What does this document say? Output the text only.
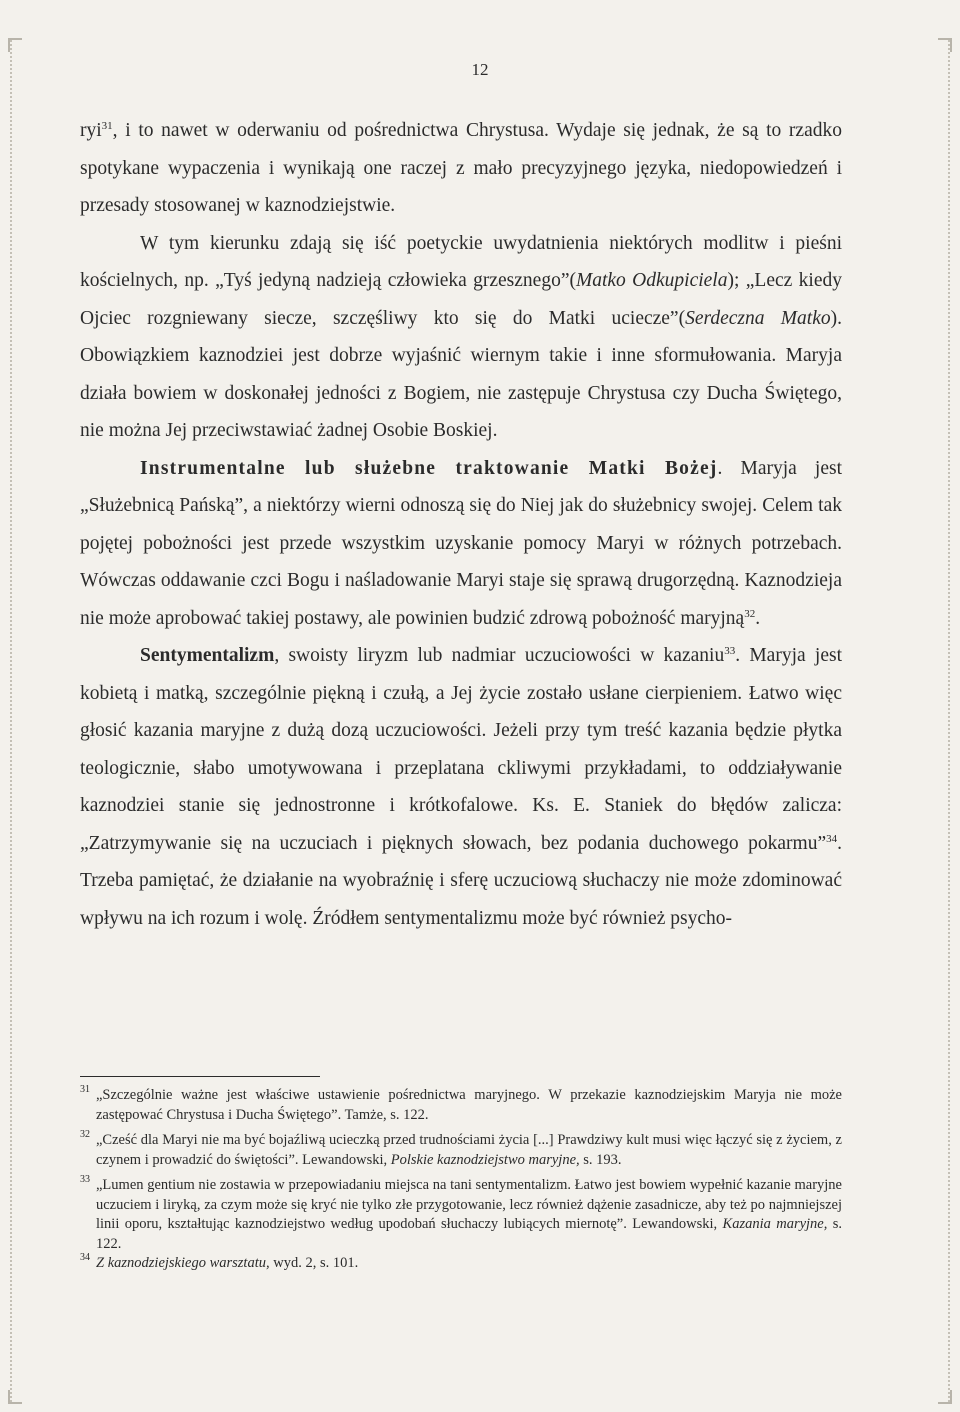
12

ryi$^{31}$, i to nawet w oderwaniu od pośrednictwa Chrystusa. Wydaje się jednak, że są to rzadko spotykane wypaczenia i wynikają one raczej z mało precyzyjnego języka, niedopowiedzeń i przesady stosowanej w kaznodziejstwie.

W tym kierunku zdają się iść poetyckie uwydatnienia niektórych modlitw i pieśni kościelnych, np. „Tyś jedyną nadzieją człowieka grzesznego”(Matko Odkupiciela); „Lecz kiedy Ojciec rozgniewany siecze, szczęśliwy kto się do Matki ucieczе”(Serdeczna Matko). Obowiązkiem kaznodziei jest dobrze wyjaśnić wiernym takie i inne sformułowania. Maryja działa bowiem w doskonałej jedności z Bogiem, nie zastępuje Chrystusa czy Ducha Świętego, nie można Jej przeciwstawiać żadnej Osobie Boskiej.

Instrumentalne lub służebne traktowanie Matki Bożej. Maryja jest „Służebnicą Pańską”, a niektórzy wierni odnoszą się do Niej jak do służebnicy swojej. Celem tak pojętej pobożności jest przede wszystkim uzyskanie pomocy Maryi w różnych potrzebach. Wówczas oddawanie czci Bogu i naśladowanie Maryi staje się sprawą drugorzędną. Kaznodzieja nie może aprobować takiej postawy, ale powinien budzić zdrową pobożność maryjną$^{32}$.

Sentymentalizm, swoisty liryzm lub nadmiar uczuciowości w kazaniu$^{33}$. Maryja jest kobietą i matką, szczególnie piękną i czułą, a Jej życie zostało usłane cierpieniem. Łatwo więc głosić kazania maryjne z dużą dozą uczuciowości. Jeżeli przy tym treść kazania będzie płytka teologicznie, słabo umotywowana i przeplatana ckliwymi przykładami, to oddziaływanie kaznodziei stanie się jednostronne i krótkofalowe. Ks. E. Staniek do błędów zalicza: „Zatrzymywanie się na uczuciach i pięknych słowach, bez podania duchowego pokarmu”$^{34}$. Trzeba pamiętać, że działanie na wyobraźnię i sferę uczuciową słuchaczy nie może zdominować wpływu na ich rozum i wolę. Źródłem sentymentalizmu może być również psycho-

31 „Szczególnie ważne jest właściwe ustawienie pośrednictwa maryjnego. W przekazie kaznodziejskim Maryja nie może zastępować Chrystusa i Ducha Świętego”. Tamże, s. 122.

32 „Cześć dla Maryi nie ma być bojaźliwą ucieczką przed trudnościami życia [...] Prawdziwy kult musi więc łączyć się z życiem, z czynem i prowadzić do świętości”. Lewandowski, Polskie kaznodziejstwo maryjne, s. 193.

33 „Lumen gentium nie zostawia w przepowiadaniu miejsca na tani sentymentalizm. Łatwo jest bowiem wypełnić kazanie maryjne uczuciem i liryką, za czym może się kryć nie tylko złe przygotowanie, lecz również dążenie zasadnicze, aby też po najmniejszej linii oporu, kształtując kaznodziejstwo według upodobań słuchaczy lubiących miernotę”. Lewandowski, Kazania maryjne, s. 122.

34 Z kaznodziejskiego warsztatu, wyd. 2, s. 101.
